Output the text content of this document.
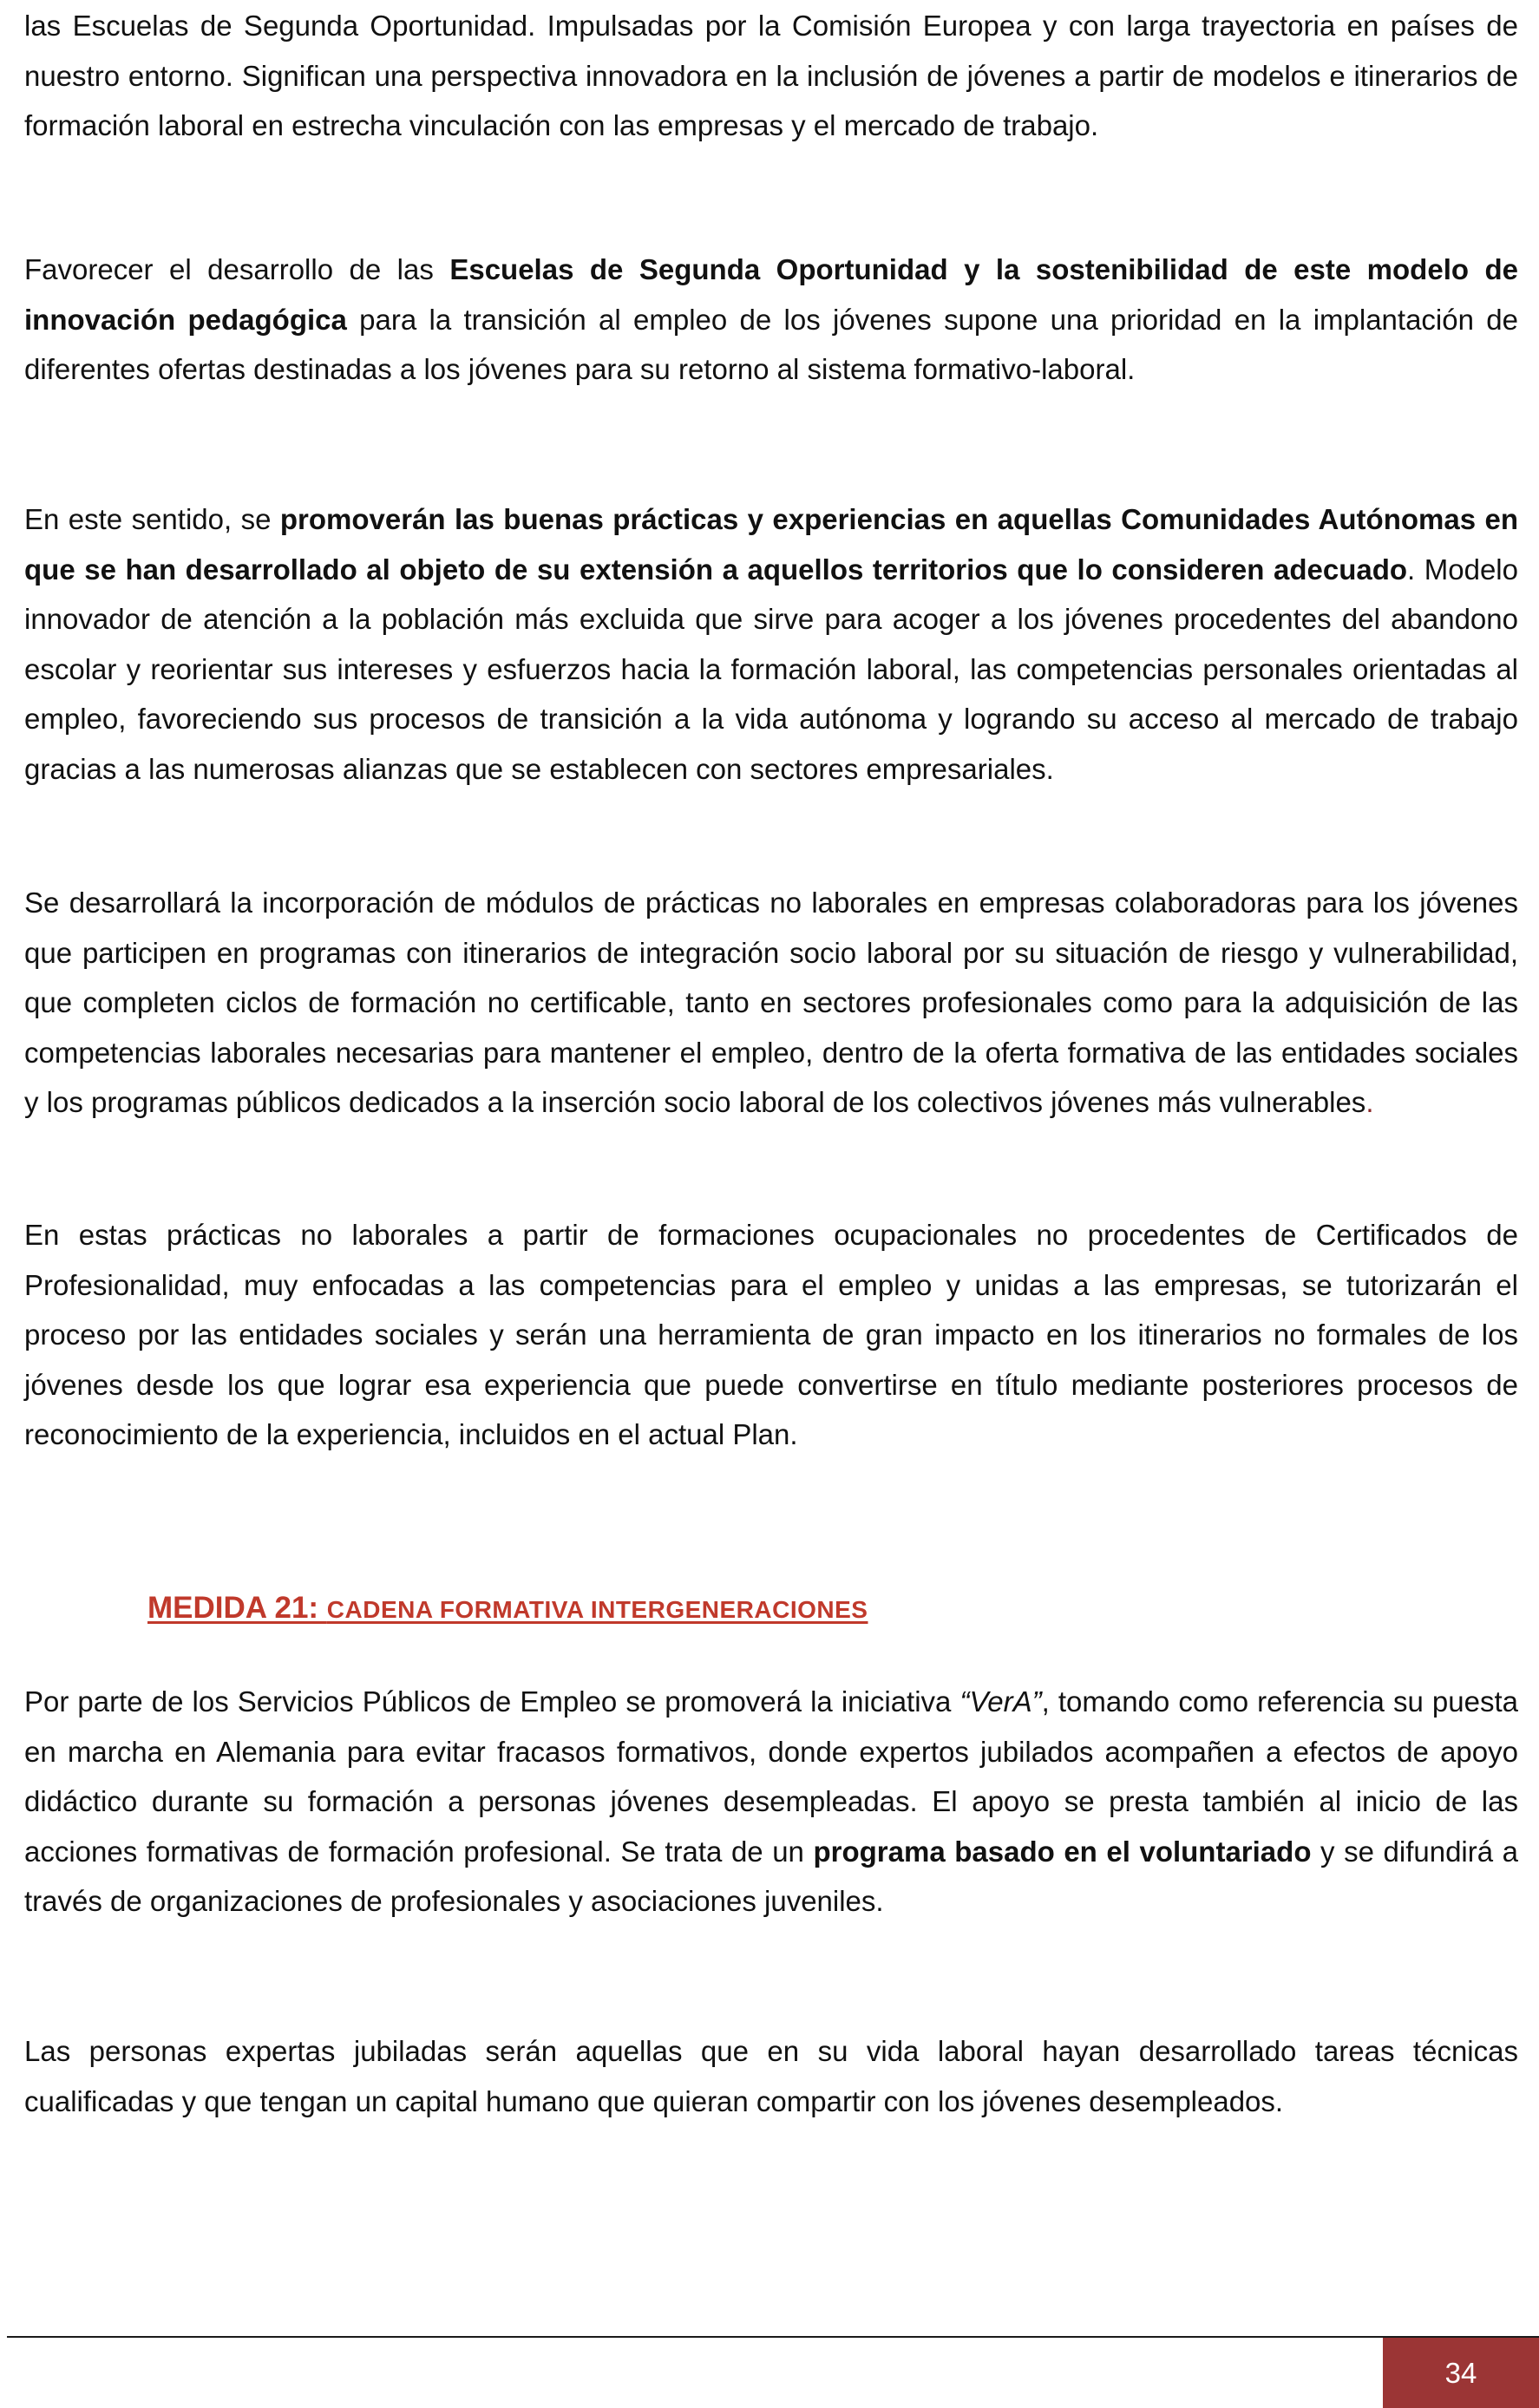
las Escuelas de Segunda Oportunidad. Impulsadas por la Comisión Europea y con larga trayectoria en países de nuestro entorno. Significan una perspectiva innovadora en la inclusión de jóvenes a partir de modelos e itinerarios de formación laboral en estrecha vinculación con las empresas y el mercado de trabajo.

Favorecer el desarrollo de las Escuelas de Segunda Oportunidad y la sostenibilidad de este modelo de innovación pedagógica para la transición al empleo de los jóvenes supone una prioridad en la implantación de diferentes ofertas destinadas a los jóvenes para su retorno al sistema formativo-laboral.

En este sentido, se promoverán las buenas prácticas y experiencias en aquellas Comunidades Autónomas en que se han desarrollado al objeto de su extensión a aquellos territorios que lo consideren adecuado. Modelo innovador de atención a la población más excluida que sirve para acoger a los jóvenes procedentes del abandono escolar y reorientar sus intereses y esfuerzos hacia la formación laboral, las competencias personales orientadas al empleo, favoreciendo sus procesos de transición a la vida autónoma y logrando su acceso al mercado de trabajo gracias a las numerosas alianzas que se establecen con sectores empresariales.

Se desarrollará la incorporación de módulos de prácticas no laborales en empresas colaboradoras para los jóvenes que participen en programas con itinerarios de integración socio laboral por su situación de riesgo y vulnerabilidad, que completen ciclos de formación no certificable, tanto en sectores profesionales como para la adquisición de las competencias laborales necesarias para mantener el empleo, dentro de la oferta formativa de las entidades sociales y los programas públicos dedicados a la inserción socio laboral de los colectivos jóvenes más vulnerables.

En estas prácticas no laborales a partir de formaciones ocupacionales no procedentes de Certificados de Profesionalidad, muy enfocadas a las competencias para el empleo y unidas a las empresas, se tutorizarán el proceso por las entidades sociales y serán una herramienta de gran impacto en los itinerarios no formales de los jóvenes desde los que lograr esa experiencia que puede convertirse en título mediante posteriores procesos de reconocimiento de la experiencia, incluidos en el actual Plan.

MEDIDA 21: CADENA FORMATIVA INTERGENERACIONES

Por parte de los Servicios Públicos de Empleo se promoverá la iniciativa “VerA”, tomando como referencia su puesta en marcha en Alemania para evitar fracasos formativos, donde expertos jubilados acompañen a efectos de apoyo didáctico durante su formación a personas jóvenes desempleadas. El apoyo se presta también al inicio de las acciones formativas de formación profesional. Se trata de un programa basado en el voluntariado y se difundirá a través de organizaciones de profesionales y asociaciones juveniles.

Las personas expertas jubiladas serán aquellas que en su vida laboral hayan desarrollado tareas técnicas cualificadas y que tengan un capital humano que quieran compartir con los jóvenes desempleados.

34
